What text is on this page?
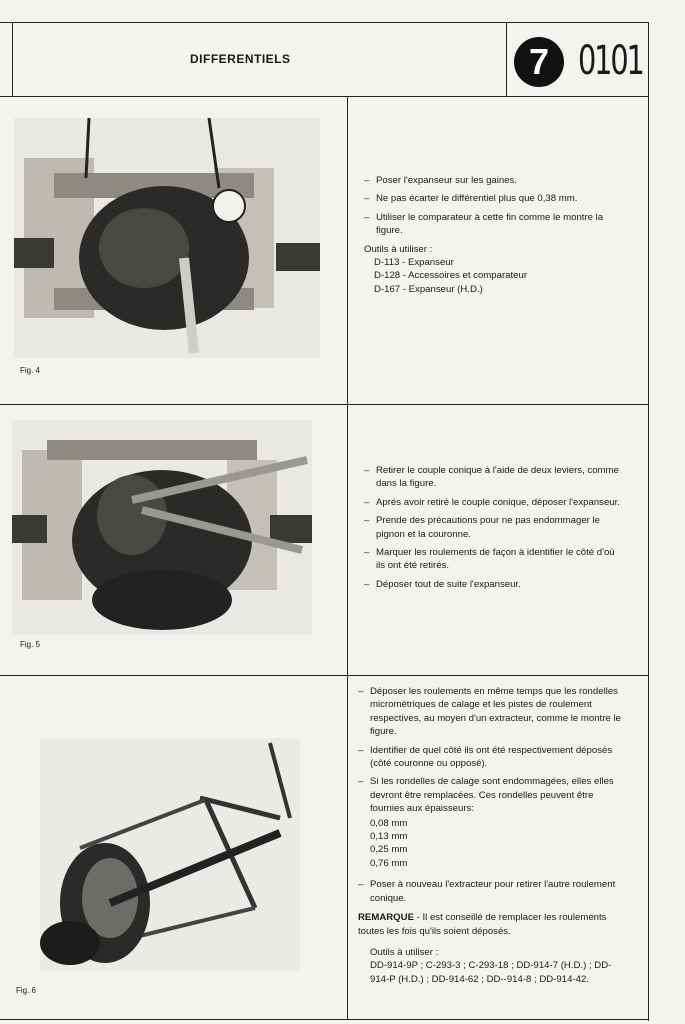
DIFFERENTIELS	7 0101
Fig. 4
– Poser l'expanseur sur les gaines.
– Ne pas écarter le différentiel plus que 0,38 mm.
– Utiliser le comparateur à cette fin comme le montre la figure.
Outils à utiliser :
D-113 - Expanseur
D-128 - Accessoires et comparateur
D-167 - Expanseur (H.D.)
Fig. 5
– Retirer le couple conique à l'aide de deux leviers, comme dans la figure.
– Aprés avoir retiré le couple conique, déposer l'expanseur.
– Prende des précautions pour ne pas endommager le pignon et la couronne.
– Marquer les roulements de façon à identifier le côté d'où ils ont été retirés.
– Déposer tout de suite l'expanseur.
Fig. 6
– Déposer les roulements en même temps que les rondelles micrométriques de calage et les pistes de roulement respectives, au moyen d'un extracteur, comme le montre le figure.
– Identifier de quel côté ils ont été respectivement déposés (côté couronne ou opposé).
– Si les rondelles de calage sont endommagées, elles elles devront être remplacées. Ces rondelles peuvent être fournies aux épaisseurs:
0,08 mm
0,13 mm
0,25 mm
0,76 mm
– Poser à nouveau l'extracteur pour retirer l'autre roulement conique.
REMARQUE - Il est conseillé de remplacer les roulements toutes les fois qu'ils soient déposés.
Outils à utiliser :
DD-914-9P ; C-293-3 ; C-293-18 ; DD-914-7 (H.D.) ; DD-914-P (H.D.) ; DD-914-62 ; DD--914-8 ; DD-914-42.
